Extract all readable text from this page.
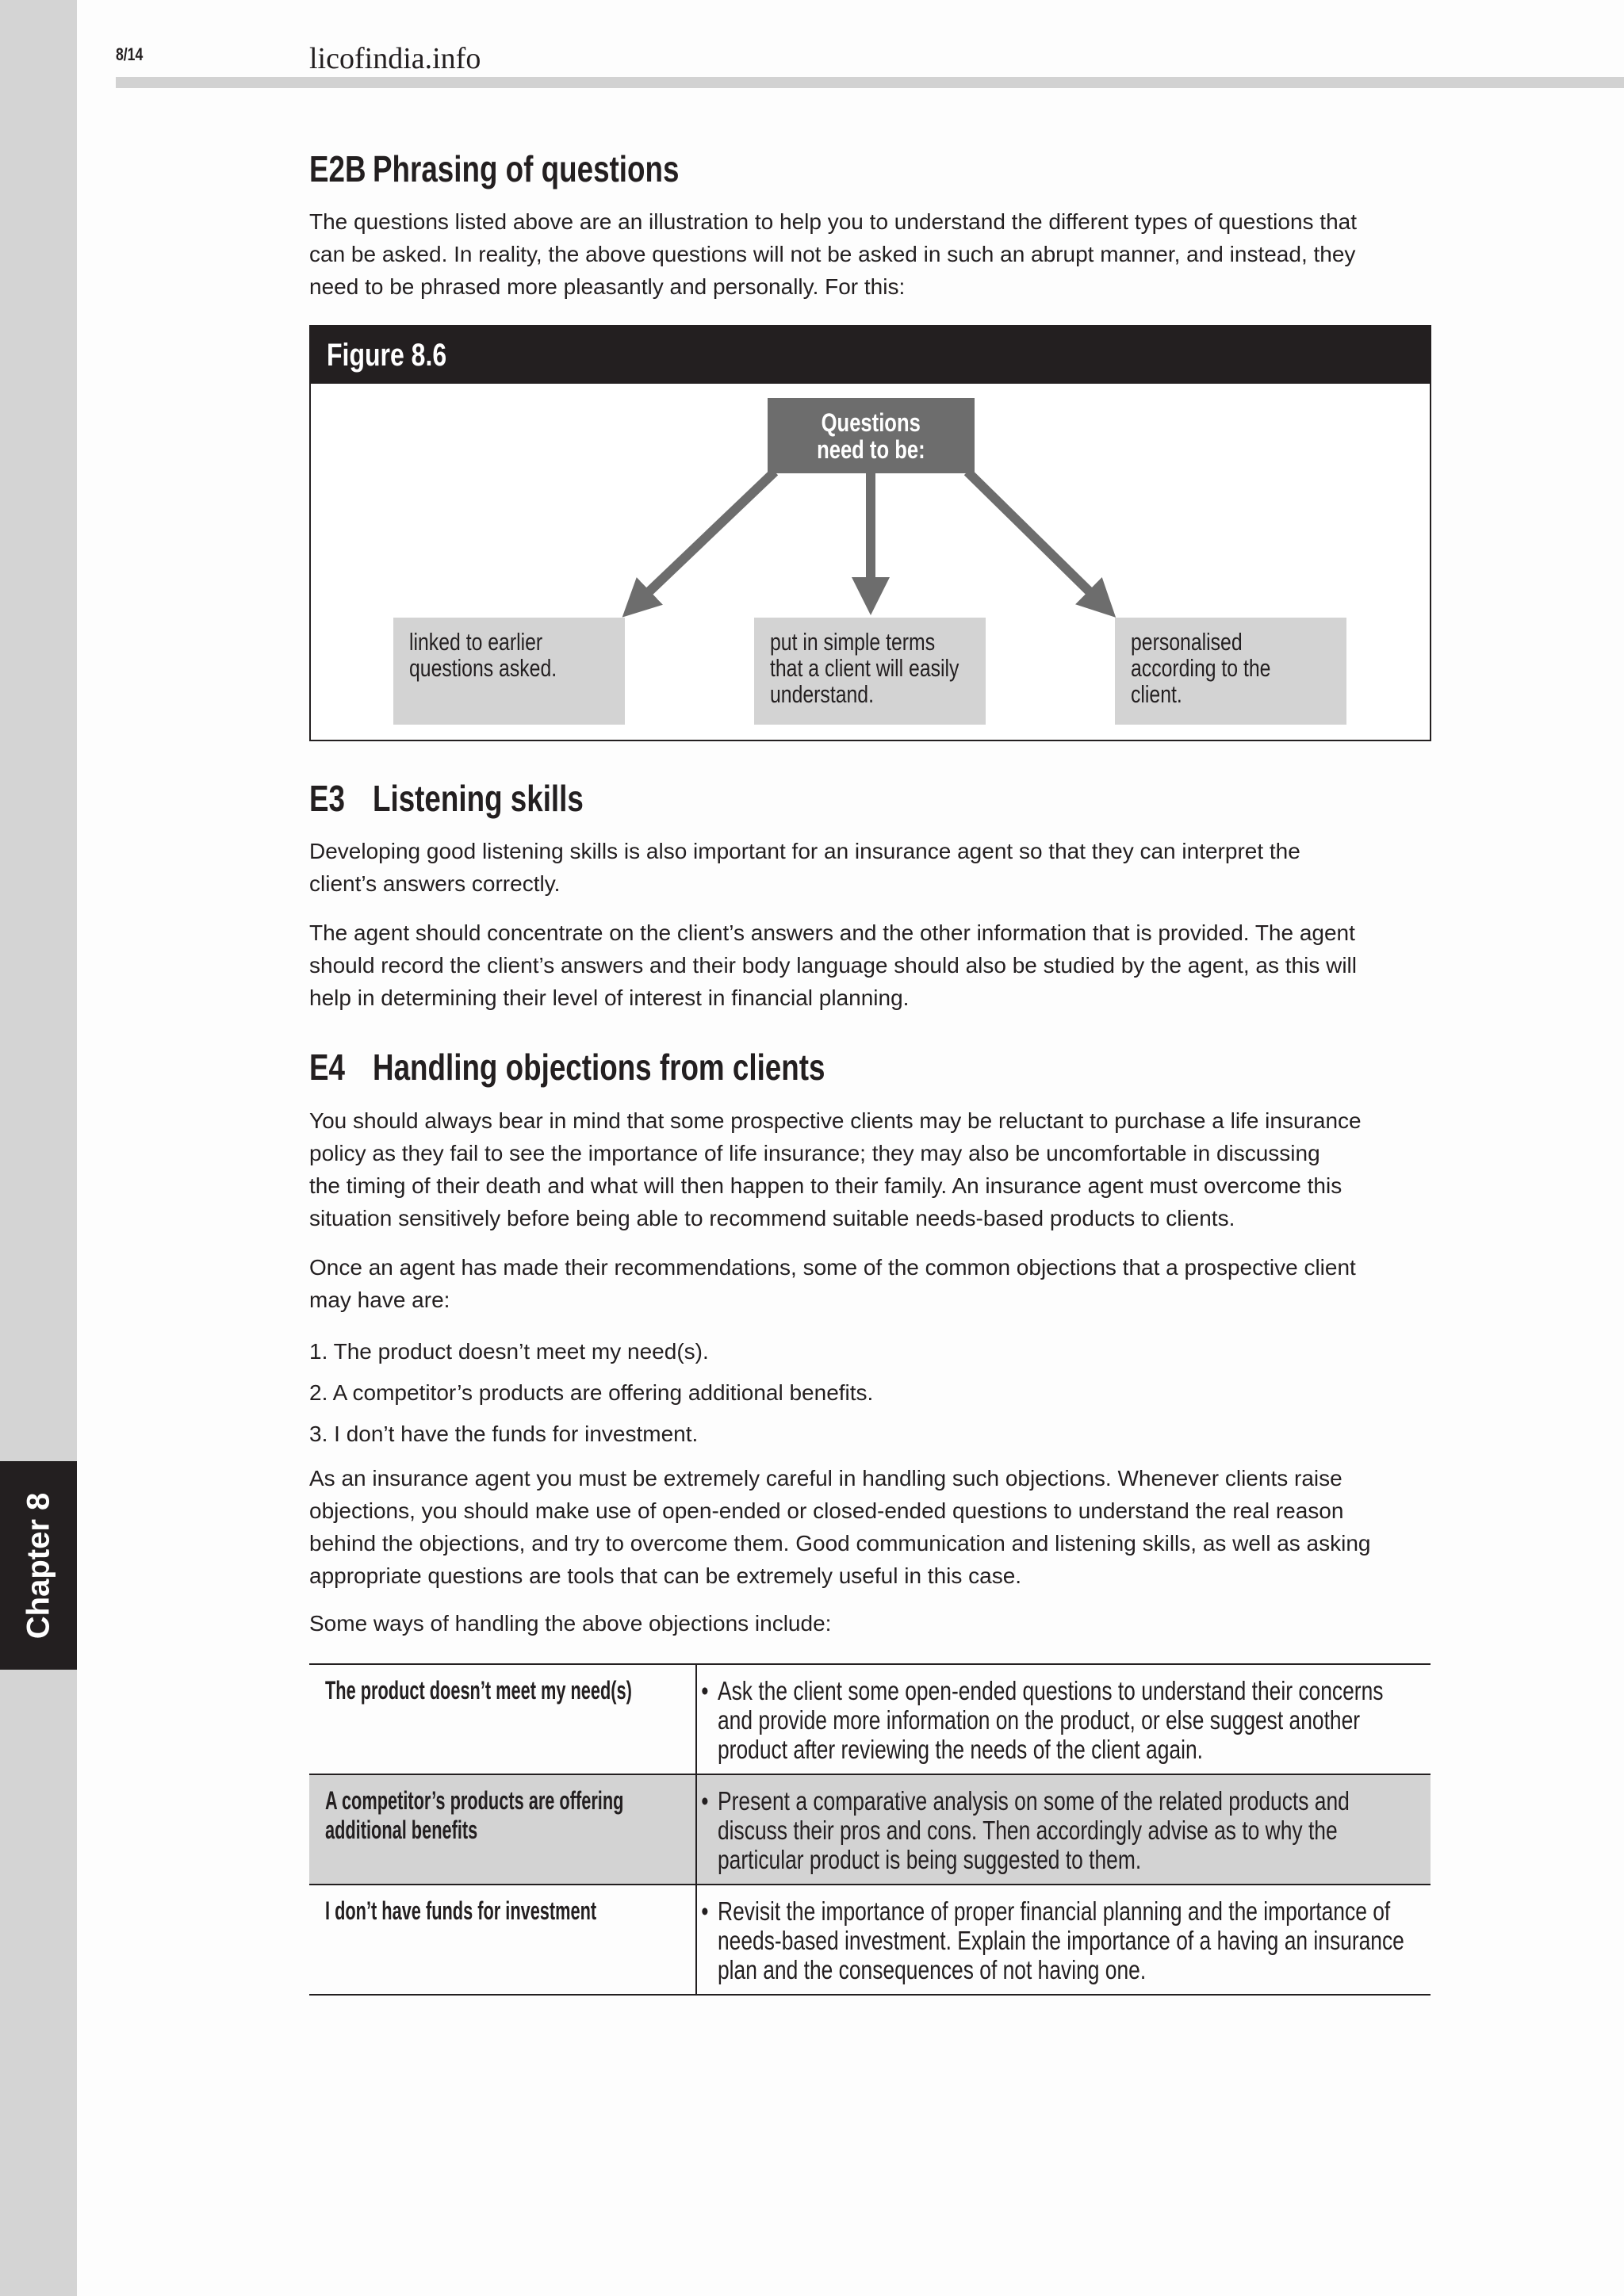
Chapter 8
8/14	licofindia.info
E2B Phrasing of questions
The questions listed above are an illustration to help you to understand the different types of questions that
can be asked. In reality, the above questions will not be asked in such an abrupt manner, and instead, they
need to be phrased more pleasantly and personally. For this:
Figure 8.6
Questions
need to be:
linked to earlier
questions asked.
put in simple terms
that a client will easily
understand.
personalised
according to the
client.
E3 Listening skills
Developing good listening skills is also important for an insurance agent so that they can interpret the
client’s answers correctly.
The agent should concentrate on the client’s answers and the other information that is provided. The agent
should record the client’s answers and their body language should also be studied by the agent, as this will
help in determining their level of interest in financial planning.
E4 Handling objections from clients
You should always bear in mind that some prospective clients may be reluctant to purchase a life insurance
policy as they fail to see the importance of life insurance; they may also be uncomfortable in discussing
the timing of their death and what will then happen to their family. An insurance agent must overcome this
situation sensitively before being able to recommend suitable needs-based products to clients.
Once an agent has made their recommendations, some of the common objections that a prospective client
may have are:
1. The product doesn’t meet my need(s).
2. A competitor’s products are offering additional benefits.
3. I don’t have the funds for investment.
As an insurance agent you must be extremely careful in handling such objections. Whenever clients raise
objections, you should make use of open-ended or closed-ended questions to understand the real reason
behind the objections, and try to overcome them. Good communication and listening skills, as well as asking
appropriate questions are tools that can be extremely useful in this case.
Some ways of handling the above objections include:
The product doesn’t meet my need(s)	• Ask the client some open-ended questions to understand their concerns
and provide more information on the product, or else suggest another
product after reviewing the needs of the client again.
A competitor’s products are offering
additional benefits
• Present a comparative analysis on some of the related products and
discuss their pros and cons. Then accordingly advise as to why the
particular product is being suggested to them.
I don’t have funds for investment	• Revisit the importance of proper financial planning and the importance of
needs-based investment. Explain the importance of a having an insurance
plan and the consequences of not having one.
